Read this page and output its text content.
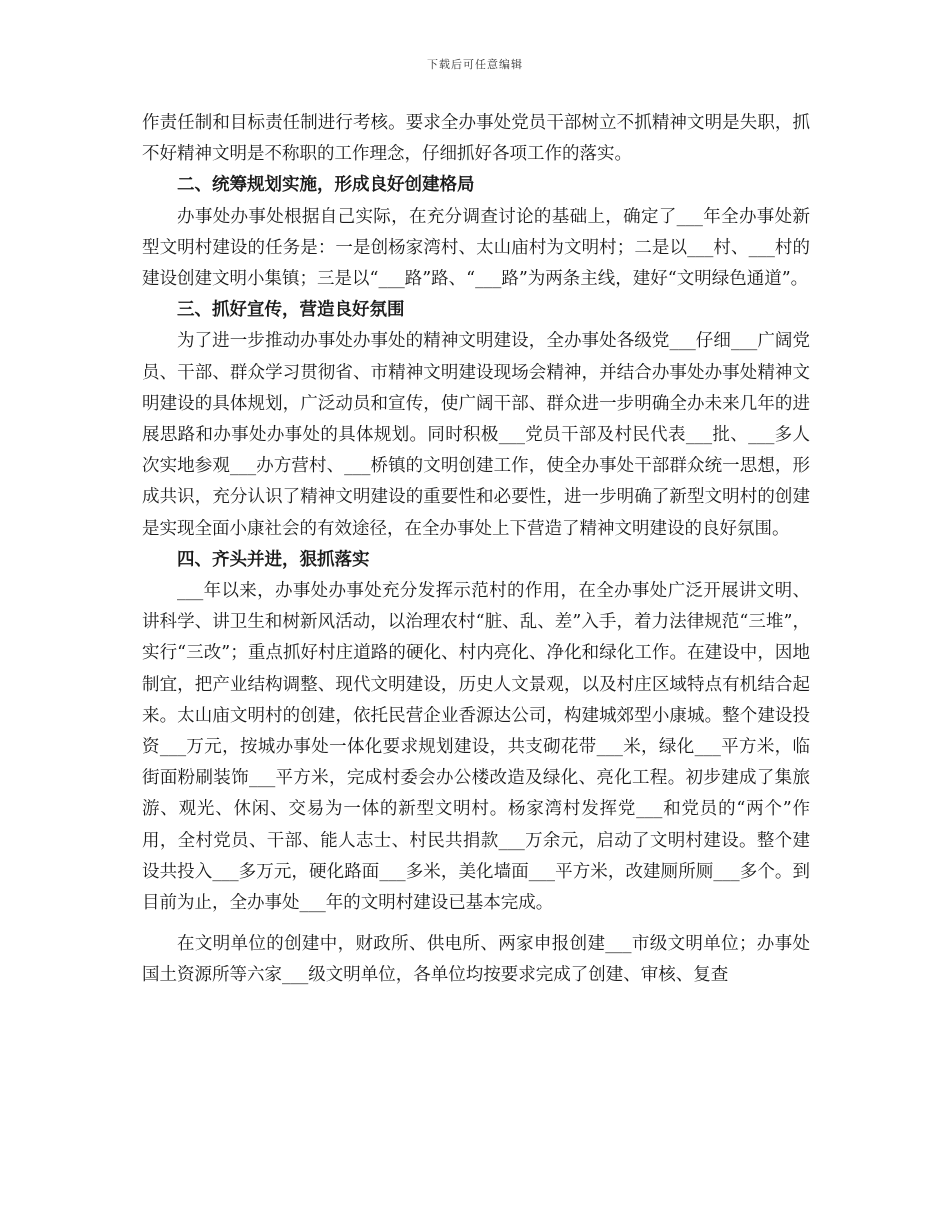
下载后可任意编辑

作责任制和目标责任制进行考核。要求全办事处党员干部树立不抓精神文明是失职，抓不好精神文明是不称职的工作理念，仔细抓好各项工作的落实。

二、统筹规划实施，形成良好创建格局

办事处办事处根据自己实际，在充分调查讨论的基础上，确定了___年全办事处新型文明村建设的任务是：一是创杨家湾村、太山庙村为文明村；二是以___村、___村的建设创建文明小集镇；三是以“___路”路、“___路”为两条主线，建好“文明绿色通道”。

三、抓好宣传，营造良好氛围

为了进一步推动办事处办事处的精神文明建设，全办事处各级党___仔细___广阔党员、干部、群众学习贯彻省、市精神文明建设现场会精神，并结合办事处办事处精神文明建设的具体规划，广泛动员和宣传，使广阔干部、群众进一步明确全办未来几年的进展思路和办事处办事处的具体规划。同时积极___党员干部及村民代表___批、___多人次实地参观___办方营村、___桥镇的文明创建工作，使全办事处干部群众统一思想，形成共识，充分认识了精神文明建设的重要性和必要性，进一步明确了新型文明村的创建是实现全面小康社会的有效途径，在全办事处上下营造了精神文明建设的良好氛围。

四、齐头并进，狠抓落实

___年以来，办事处办事处充分发挥示范村的作用，在全办事处广泛开展讲文明、讲科学、讲卫生和树新风活动，以治理农村“脏、乱、差”入手，着力法律规范“三堆”，实行“三改”；重点抓好村庄道路的硬化、村内亮化、净化和绿化工作。在建设中，因地制宜，把产业结构调整、现代文明建设，历史人文景观，以及村庄区域特点有机结合起来。太山庙文明村的创建，依托民营企业香源达公司，构建城郊型小康城。整个建设投资___万元，按城办事处一体化要求规划建设，共支砌花带___米，绿化___平方米，临街面粉刷装饰___平方米，完成村委会办公楼改造及绿化、亮化工程。初步建成了集旅游、观光、休闲、交易为一体的新型文明村。杨家湾村发挥党___和党员的“两个”作用，全村党员、干部、能人志士、村民共捐款___万余元，启动了文明村建设。整个建设共投入___多万元，硬化路面___多米，美化墙面___平方米，改建厕所厕___多个。到目前为止，全办事处___年的文明村建设已基本完成。

在文明单位的创建中，财政所、供电所、两家申报创建___市级文明单位；办事处国土资源所等六家___级文明单位，各单位均按要求完成了创建、审核、复查
